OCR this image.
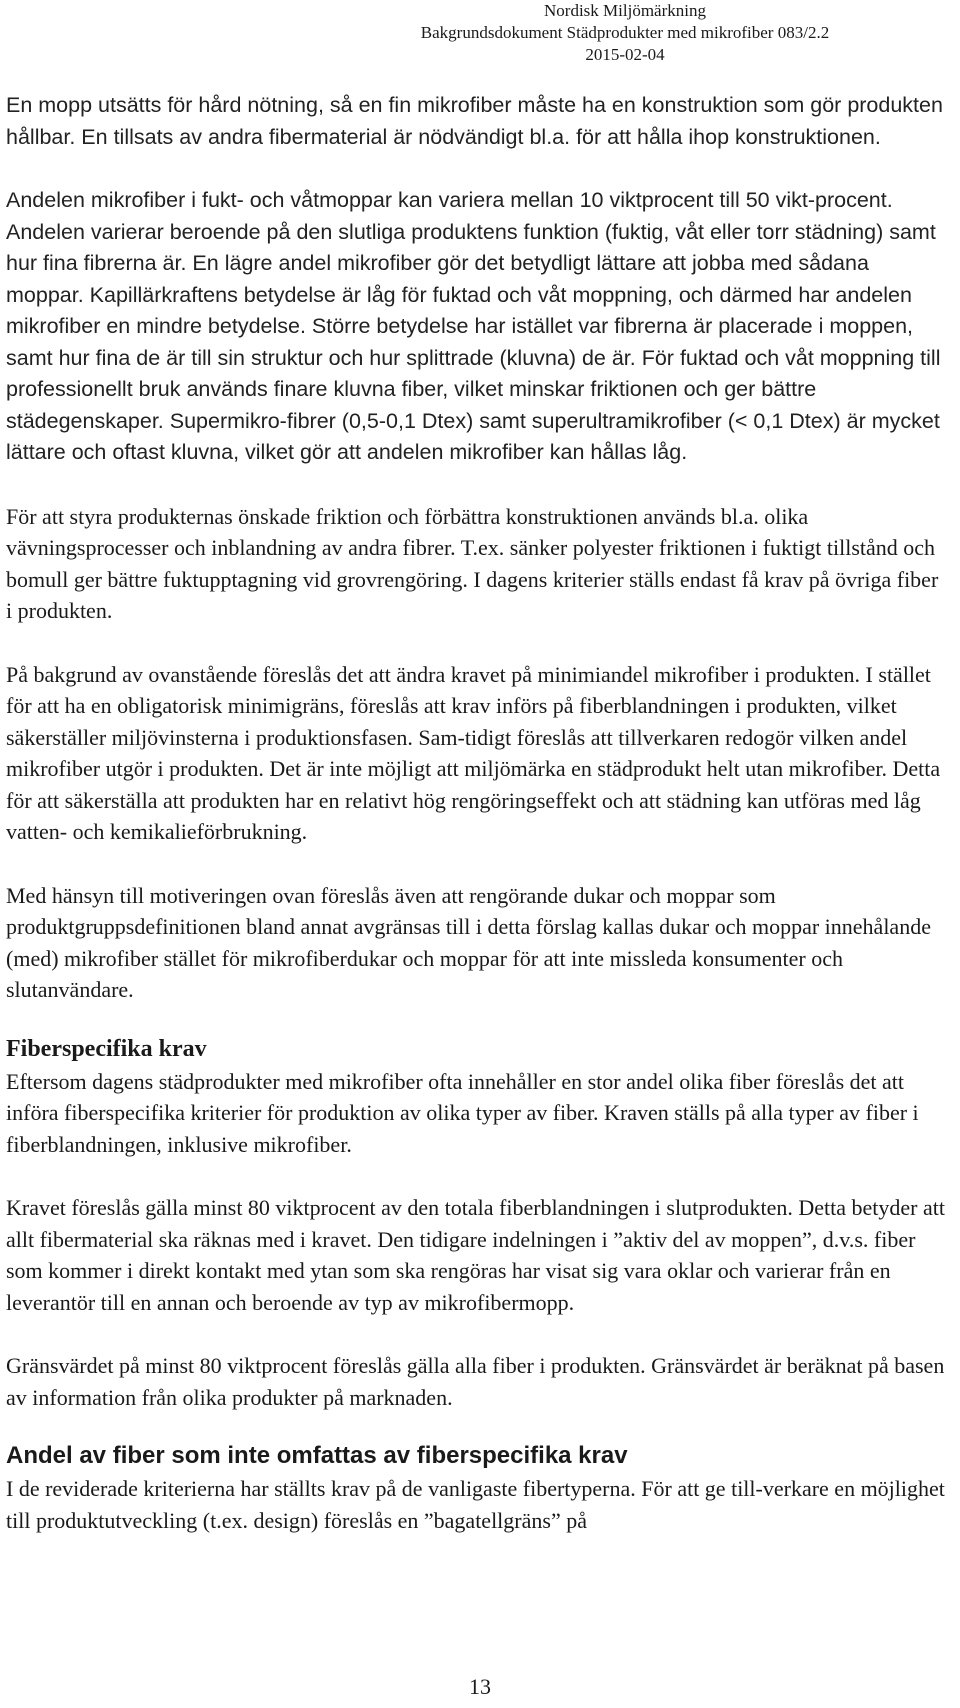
Nordisk Miljömärkning
Bakgrundsdokument Städprodukter med mikrofiber 083/2.2
2015-02-04

En mopp utsätts för hård nötning, så en fin mikrofiber måste ha en konstruktion som gör produkten hållbar. En tillsats av andra fibermaterial är nödvändigt bl.a. för att hålla ihop konstruktionen.

Andelen mikrofiber i fukt- och våtmoppar kan variera mellan 10 viktprocent till 50 vikt-procent. Andelen varierar beroende på den slutliga produktens funktion (fuktig, våt eller torr städning) samt hur fina fibrerna är. En lägre andel mikrofiber gör det betydligt lättare att jobba med sådana moppar. Kapillärkraftens betydelse är låg för fuktad och våt moppning, och därmed har andelen mikrofiber en mindre betydelse. Större betydelse har istället var fibrerna är placerade i moppen, samt hur fina de är till sin struktur och hur splittrade (kluvna) de är. För fuktad och våt moppning till professionellt bruk används finare kluvna fiber, vilket minskar friktionen och ger bättre städegenskaper. Supermikro-fibrer (0,5-0,1 Dtex) samt superultramikrofiber (< 0,1 Dtex) är mycket lättare och oftast kluvna, vilket gör att andelen mikrofiber kan hållas låg.

För att styra produkternas önskade friktion och förbättra konstruktionen används bl.a. olika vävningsprocesser och inblandning av andra fibrer. T.ex. sänker polyester friktionen i fuktigt tillstånd och bomull ger bättre fuktupptagning vid grovrengöring. I dagens kriterier ställs endast få krav på övriga fiber i produkten.

På bakgrund av ovanstående föreslås det att ändra kravet på minimiandel mikrofiber i produkten. I stället för att ha en obligatorisk minimigräns, föreslås att krav införs på fiberblandningen i produkten, vilket säkerställer miljövinsterna i produktionsfasen. Sam-tidigt föreslås att tillverkaren redogör vilken andel mikrofiber utgör i produkten. Det är inte möjligt att miljömärka en städprodukt helt utan mikrofiber. Detta för att säkerställa att produkten har en relativt hög rengöringseffekt och att städning kan utföras med låg vatten- och kemikalieförbrukning.

Med hänsyn till motiveringen ovan föreslås även att rengörande dukar och moppar som produktgruppsdefinitionen bland annat avgränsas till i detta förslag kallas dukar och moppar innehålande (med) mikrofiber stället för mikrofiberdukar och moppar för att inte missleda konsumenter och slutanvändare.

Fiberspecifika krav

Eftersom dagens städprodukter med mikrofiber ofta innehåller en stor andel olika fiber föreslås det att införa fiberspecifika kriterier för produktion av olika typer av fiber. Kraven ställs på alla typer av fiber i fiberblandningen, inklusive mikrofiber.

Kravet föreslås gälla minst 80 viktprocent av den totala fiberblandningen i slutprodukten. Detta betyder att allt fibermaterial ska räknas med i kravet. Den tidigare indelningen i ”aktiv del av moppen”, d.v.s. fiber som kommer i direkt kontakt med ytan som ska rengöras har visat sig vara oklar och varierar från en leverantör till en annan och beroende av typ av mikrofibermopp.

Gränsvärdet på minst 80 viktprocent föreslås gälla alla fiber i produkten. Gränsvärdet är beräknat på basen av information från olika produkter på marknaden.

Andel av fiber som inte omfattas av fiberspecifika krav

I de reviderade kriterierna har ställts krav på de vanligaste fibertyperna. För att ge till-verkare en möjlighet till produktutveckling (t.ex. design) föreslås en ”bagatellgräns” på

13
